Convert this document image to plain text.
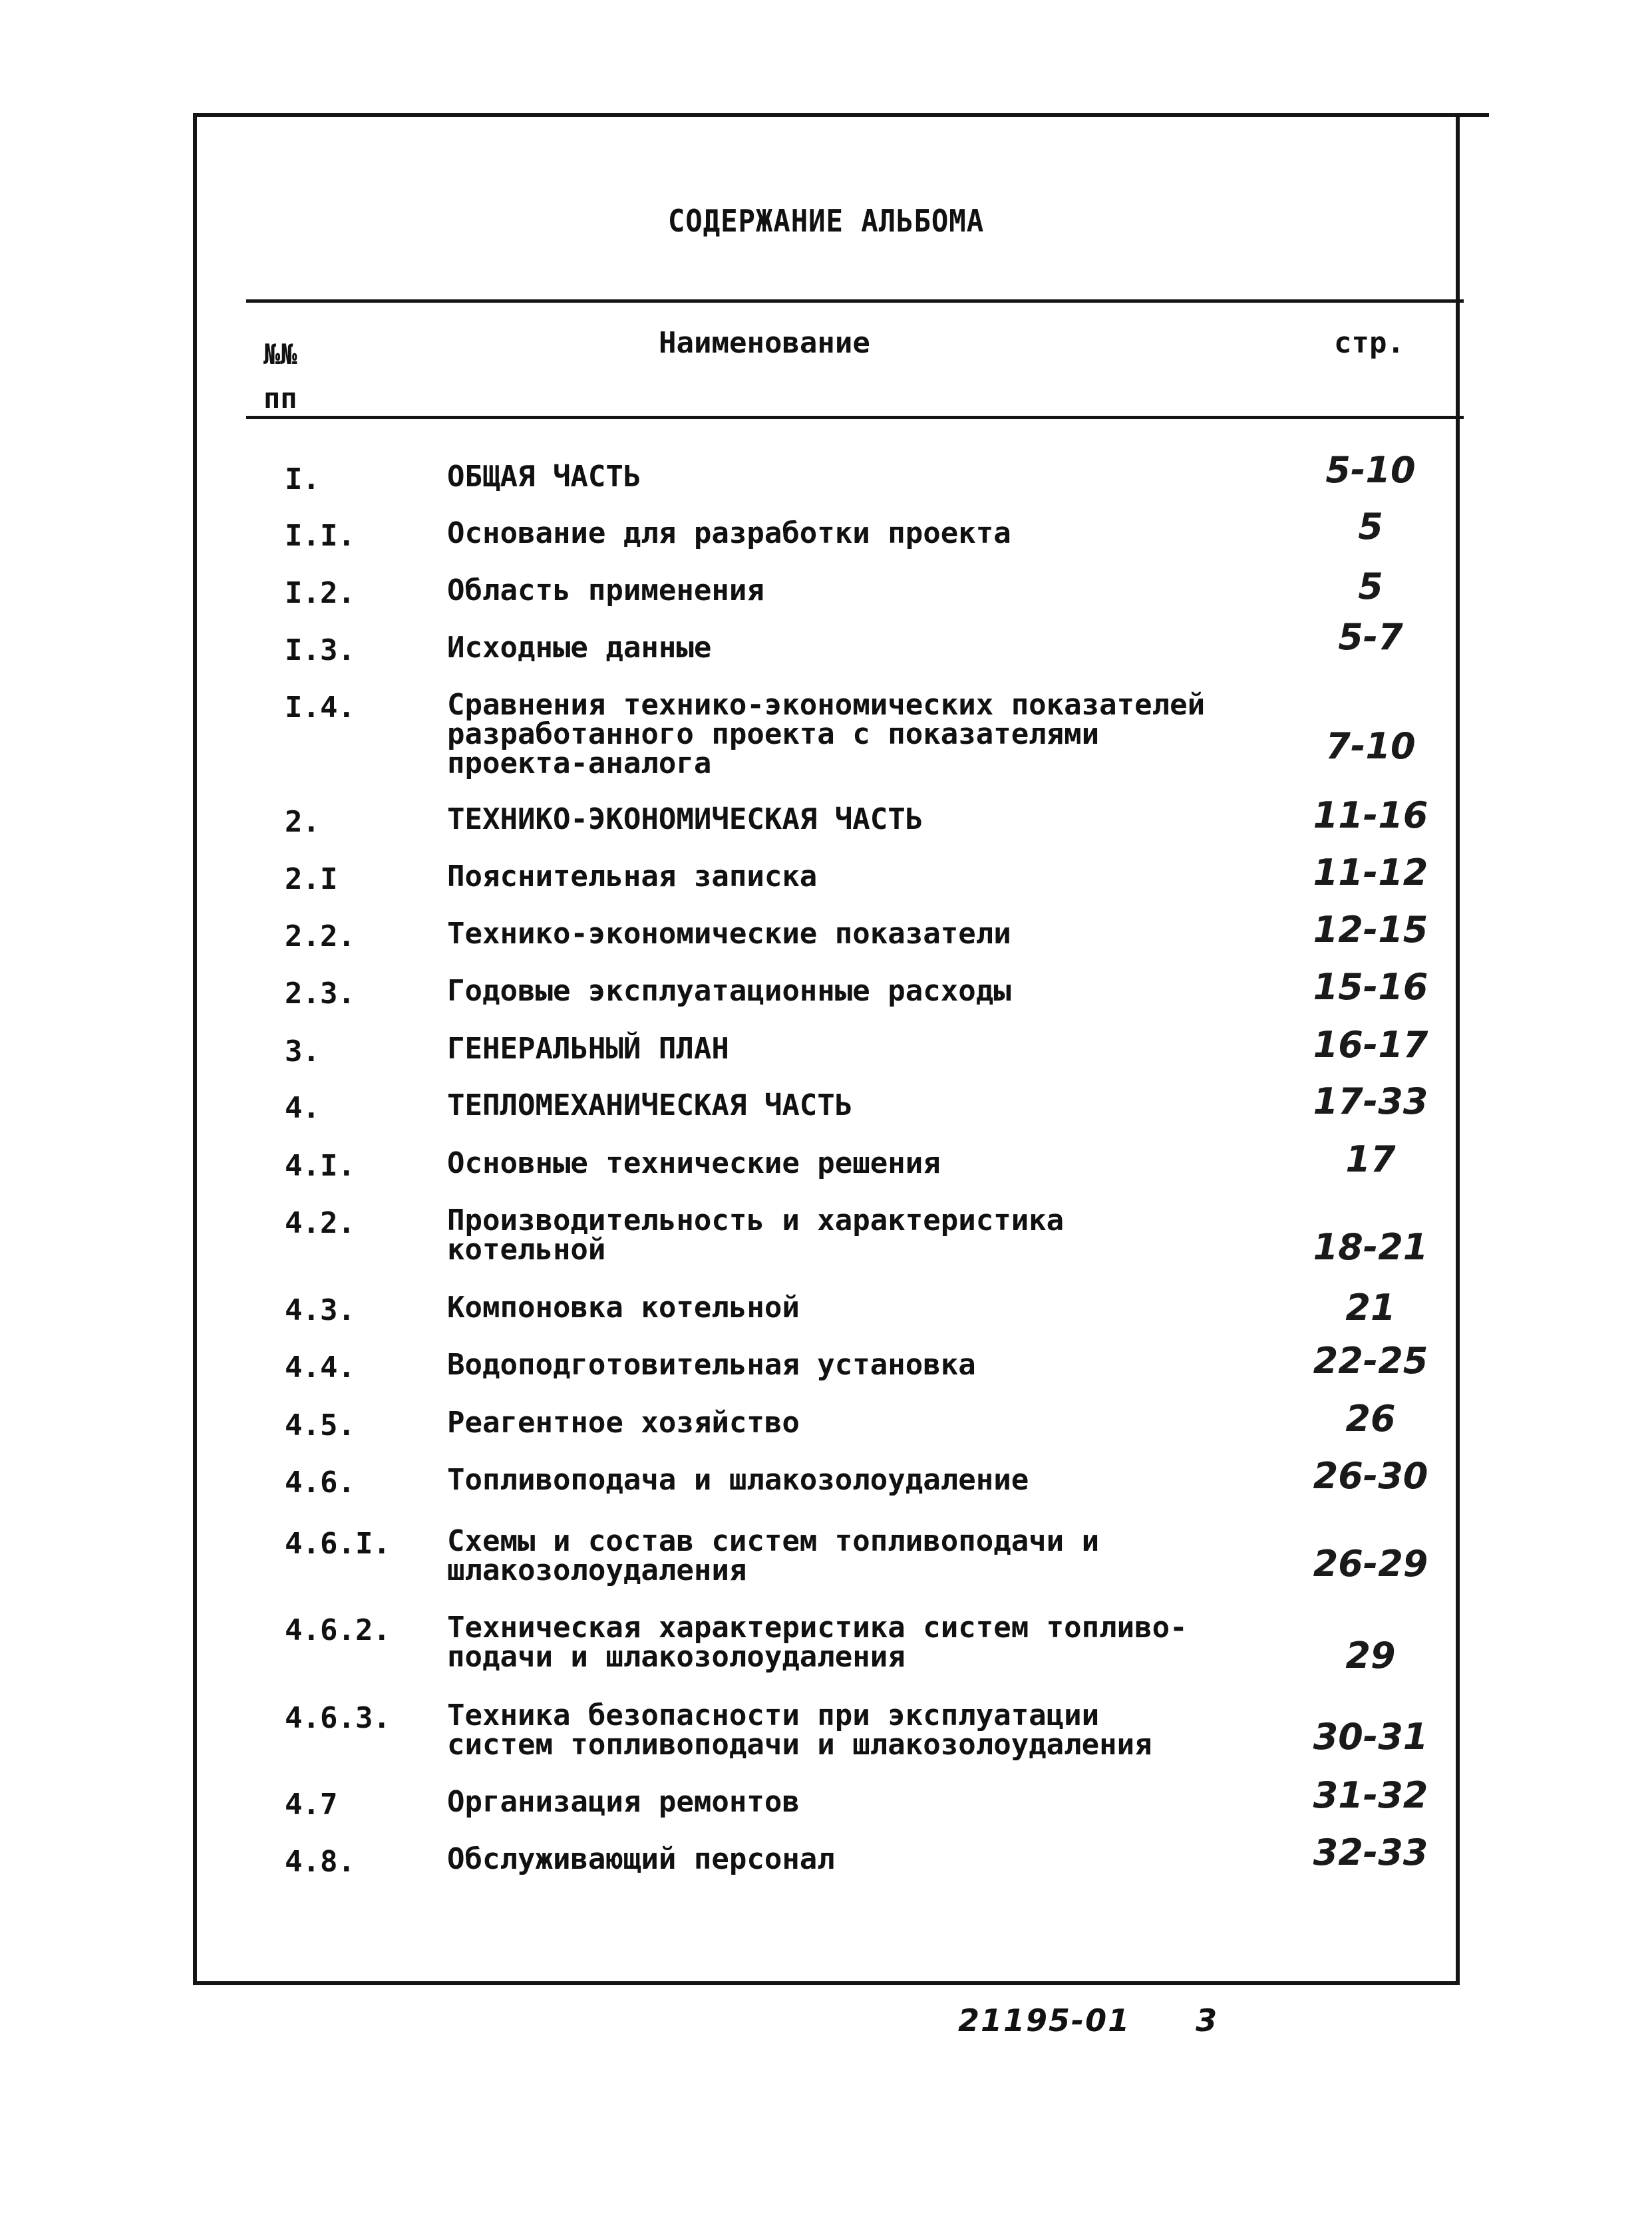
СОДЕРЖАНИЕ АЛЬБОМА
№№
пп
Наименование	стр.
I.	ОБЩАЯ ЧАСТЬ	5-10
I.I.	Основание для разработки проекта	5
I.2.	Область применения	5
I.3.	Исходные данные	5-7
I.4.	Сравнения технико-экономических показателей
разработанного проекта с показателями
проекта-аналога	7-10
2.	ТЕХНИКО-ЭКОНОМИЧЕСКАЯ ЧАСТЬ	11-16
2.I	Пояснительная записка	11-12
2.2.	Технико-экономические показатели	12-15
2.3.	Годовые эксплуатационные расходы	15-16
3.	ГЕНЕРАЛЬНЫЙ ПЛАН	16-17
4.	ТЕПЛОМЕХАНИЧЕСКАЯ ЧАСТЬ	17-33
4.I.	Основные технические решения	17
4.2.	Производительность и характеристика
котельной	18-21
4.3.	Компоновка котельной	21
4.4.	Водоподготовительная установка	22-25
4.5.	Реагентное хозяйство	26
4.6.	Топливоподача и шлакозолоудаление	26-30
4.6.I. Схемы и состав систем топливоподачи и
шлакозолоудаления	26-29
4.6.2. Техническая характеристика систем топливо-
подачи и шлакозолоудаления	29
4.6.3. Техника безопасности при эксплуатации
систем топливоподачи и шлакозолоудаления	30-31
4.7	Организация ремонтов	31-32
4.8.	Обслуживающий персонал	32-33
21195-01 3
